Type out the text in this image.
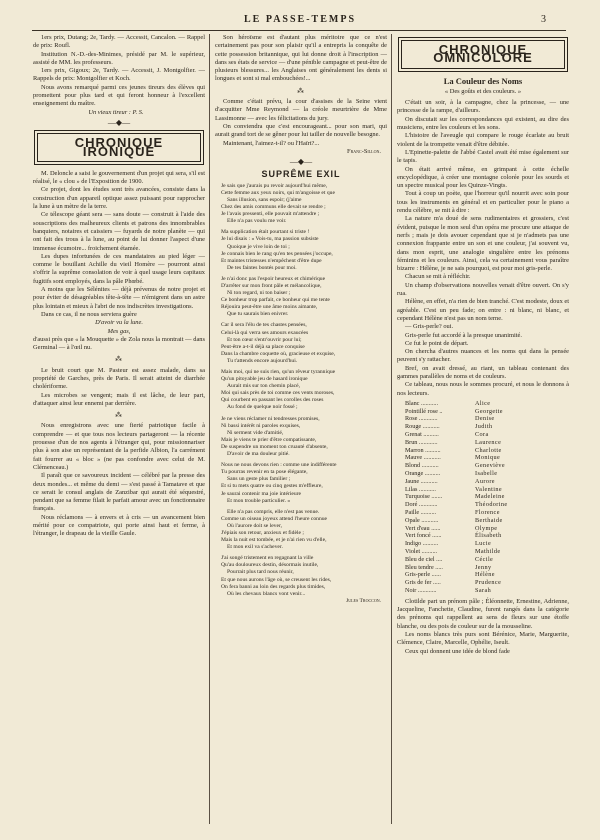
LE PASSE-TEMPS	3

1ers prix, Dutang; 2e, Tardy. — Accessit, Cancalon. — Rappel de prix: Roufl.

Institution N.-D.-des-Minimes, présidé par M. le supérieur, assisté de MM. les professeurs.

1ers prix, Gigoux; 2e, Tardy. — Accessit, J. Montgolfier. — Rappels de prix: Montgolfier et Koch.

Nous avons remarqué parmi ces jeunes tireurs des élèves qui promettent pour plus tard et qui feront honneur à l'excellent enseignement du maître.

Un vieux tireur : P. S.
—◆—
CHRONIQUE IRONIQUE

M. Deloncle a saisi le gouvernement d'un projet qui sera, s'il est réalisé, le « clou » de l'Exposition de 1900.

Ce projet, dont les études sont très avancées, consiste dans la construction d'un appareil optique assez puissant pour rapprocher la lune à un mètre de la terre.

Ce télescope géant sera — sans doute — construit à l'aide des souscriptions des malheureux clients et patrons des innombrables banquiers, notaires et caissiers — fuyards de notre planète — qui ont fait des trous à la lune, au point de lui donner l'aspect d'une immense écumoire... froichement étamée.

Les dupes infortunées de ces mandataires au pied léger — comme le bouillant Achille du vieil Homère — pourront ainsi s'offrir la suprême consolation de voir à quel usage leurs capitaux fugitifs sont employés, dans la pâle Phœbé.

A moins que les Sélénites — déjà prévenus de notre projet et pour éviter de désagréables tête-à-tête — n'émigrent dans un astre plus lointain et mieux à l'abri de nos indiscrètes investigations.

Dans ce cas, il ne nous serviera guère

D'avoir vu la lune.

Mes gas,

d'aussi près que « la Mouquette » de Zola nous la montrait — dans Germinal — à l'œil nu.

⁂

Le bruit court que M. Pasteur est assez malade, dans sa propriété de Garches, près de Paris. Il serait atteint de diarrhée cholériforme.

Les microbes se vengent; mais il est lâche, de leur part, d'attaquer ainsi leur ennemi par derrière.

⁂

Nous enregistrons avec une fierté patriotique facile à comprendre — et que tous nos lecteurs partageront — la récente prouesse d'un de nos agents à l'étranger qui, pour missionnariser plus à son aise un représentant de la perfide Albion, l'a carrément fait fourrer au « bloc » (ne pas confondre avec celui de M. Clémenceau.)

Il paraît que ce savoureux incident — célébré par la presse des deux mondes... et même du demi — s'est passé à Tamatave et que ce serait le consul anglais de Zanzibar qui aurait été séquestré, pendant que sa femme filait le parfait amour avec un fonctionnaire français.

Nous réclamons — à envers et à cris — un avancement bien mérité pour ce compatriote, qui porte ainsi haut et ferme, à l'étranger, le drapeau de la vieille Gaule.

Son héroïsme est d'autant plus méritoire que ce n'est certainement pas pour son plaisir qu'il a entrepris la conquête de cette possession britannique, qui lui donne droit à l'inscription — dans ses états de service — d'une pénible campagne et peut-être de plusieurs blessures... les Anglaises ont généralement les dents si longues et sont si mal embouchées!...

⁂

Comme c'était prévu, la cour d'assises de la Seine vient d'acquitter Mme Reymond — la créole meurtrière de Mme Lassimonne — avec les félicitations du jury.

On conviendra que c'est encourageant... pour son mari, qui aurait grand tort de se gêner pour lui tailler de nouvelle besogne.

Maintenant, l'aimez-t-il? ou l'Haïrt?...

Franc-Sillon.
—◆—
SUPRÊME EXIL
Je sais que j'aurais pu revoir aujourd'hui même,
Cette femme aux yeux noirs, qui m'angoisse et que
Sans illusion, sans espoir; (j'aime
Chez des amis communs elle devait se rendre ;
Je l'avais pressenti, elle pouvait m'attendre ;
Elle n'a pas voulu me voir.
Ma supplication était pourtant si triste !
Je lui disais : « Vois-tu, ma passion subsiste
Quoique je vive loin de toi ;
Je connais bien le rang qu'en tes pensées j'occupe,
Et maintes tristesses n'empêchent d'être dupe
De tes faintes bontés pour moi.
Je n'ai donc pas l'espoir heureux et chimérique
D'arrêter sur mon front pâle et mélancolique,
Ni ton regard, ni ton baiser ;
Ce bonheur trop parfait, ce bonheur qui me tente
Réjouira peut-être une âme moins aimante,
Que tu saurais bien enivrer.
Car il sera l'élu de tes chastes pensées,
Celui-là qui verra ses amours exaucées
Et ton cœur s'entr'ouvrir pour lui;
Peut-être a-t-il déjà sa place conquise
Dans la chambre coquette où, gracieuse et exquise,
Tu t'attends encore aujourd'hui.
Mais moi, qui ne suis rien, qu'un rêveur tyrannique
Qu'un pitoyable jeu de hasard ironique
Aurait mis sur ton chemin placé,
Moi qui sais près de toi comme ces vents moroses,
Qui courbent en passant les corolles des roses
Au fond de quelque noir fossé ;
Je ne viens réclamer ni tendresses promises,
Ni bassi intérêt ni paroles exquises,
Ni serment vide d'amitié,
Mais je viens te prier d'être compatissante,
De suspendre un moment ton cruauté d'absente,
D'avoir de ma douleur pitié.
Nous ne nous devons rien : comme une indifférente
Tu pourras revenir en ta pose élégante,
Sans un geste plus familier ;
Et si tu mets quatre ou cinq gestes m'effleure,
Je saurai contenir ma joie intérieure
Et mon trouble particulier. »
Elle n'a pas compris, elle n'est pas venue.
Comme un oiseau joyeux attend l'heure connue
Où l'aurore doit se lever,
J'épiais son retour, anxieux et fidèle ;
Mais la nuit est tombée, et je n'ai rien vu d'elle,
Et mon exil va s'achever.
J'ai songé tristement en regagnant la ville
Qu'au douloureux destin, désormais inutile,
Pourrait plus tard nous réunir,
Et que nous aurons l'âge où, se creusent les rides,
On fera banni au loin des regards plus timides,
Où les chevaux blancs vont venir...
Jules Troccon.
CHRONIQUE OMNICOLORE
La Couleur des Noms
« Des goûts et des couleurs. »

C'était un soir, à la campagne, chez la princesse, — une princesse de la rampe, d'ailleurs.

On discutait sur les correspondances qui existent, au dire des musiciens, entre les couleurs et les sons.

L'histoire de l'aveugle qui compare le rouge écarlate au bruit violent de la trompette venait d'être débitée.

L'Epinette-palette de l'abbé Castel avait été mise également sur le tapis.

On était arrivé même, en grimpant à cette échelle encyclopédique, à créer une montagne colorée pour les sourds et un spectre musical pour les Quinze-Vingts.

Tout à coup un poète, que l'horreur qu'il nourrit avec soin pour tous les instruments en général et en particulier pour le piano a rendu célèbre, se mit à dire :

La nature m'a doué de sens rudimentaires et grossiers, c'est évident, puisque le mon seul d'un opéra me procure une attaque de nerfs ; mais je dois avouer cependant que si je n'admets pas une connexion frappante entre un son et une couleur, j'ai souvent vu, dans mon esprit, une analogie singulière entre les prénoms féminins et les couleurs. Ainsi, cela va certainement vous paraître bizarre : Hélène, je ne sais pourquoi, est pour moi gris-perle.

Chacun se mit à réfléchir.

Un champ d'observations nouvelles venait d'être ouvert. On s'y rua.

Hélène, en effet, n'a rien de bien tranché. C'est modeste, doux et agréable. C'est un peu fade; on entre : ni blanc, ni blanc, et cependant Hélène n'est pas un nom terne.

— Gris-perle? oui.

Gris-perle fut accordé à la presque unanimité.

Ce fut le point de départ.

On chercha d'autres nuances et les noms qui dans la pensée peuvent s'y rattacher.

Bref, on avait dressé, au riant, un tableau contenant des gammes parallèles de noms et de couleurs.

Ce tableau, nous nous le sommes procuré, et nous le donnons à nos lecteurs.

Blanc ...........	Alice
Pointillé rose ..	Georgette
Rose ............	Denise
Rouge ...........	Judith
Grenat ..........	Cora
Brun ............	Laurence
Marron ..........	Charlotte
Mauve ...........	Monique
Blond ...........	Geneviève
Orange ..........	Isabelle
Jaune ...........	Aurore
Lilas ...........	Valentine
Turquoise .......	Madeleine
Doré ............	Théodorine
Paille ..........	Florence
Opale ...........	Berthaide
Vert d'eau ......	Olympe
Vert foncé ......	Élisabeth
Indigo ..........	Lucie
Violet ..........	Mathilde
Bleu de ciel ....	Cécile
Bleu tendre .....	Jenny
Gris-perle ......	Hélène
Gris de fer .....	Prudence
Noir ............	Sarah

Clotilde part un prénom pâle ; Éléonnette, Ernestine, Adrienne, Jacqueline, Fanchette, Claudine, furent rangés dans la catégorie des prénoms qui rappellent au sens de fleurs sur une étoffe blanche, ou des pois de couleur sur de la mousseline.

Les noms blancs très purs sont Bérénice, Marie, Marguerite, Clémence, Claire, Marcelle, Ophélie, Iseult.

Ceux qui donnent une idée de blond fade
